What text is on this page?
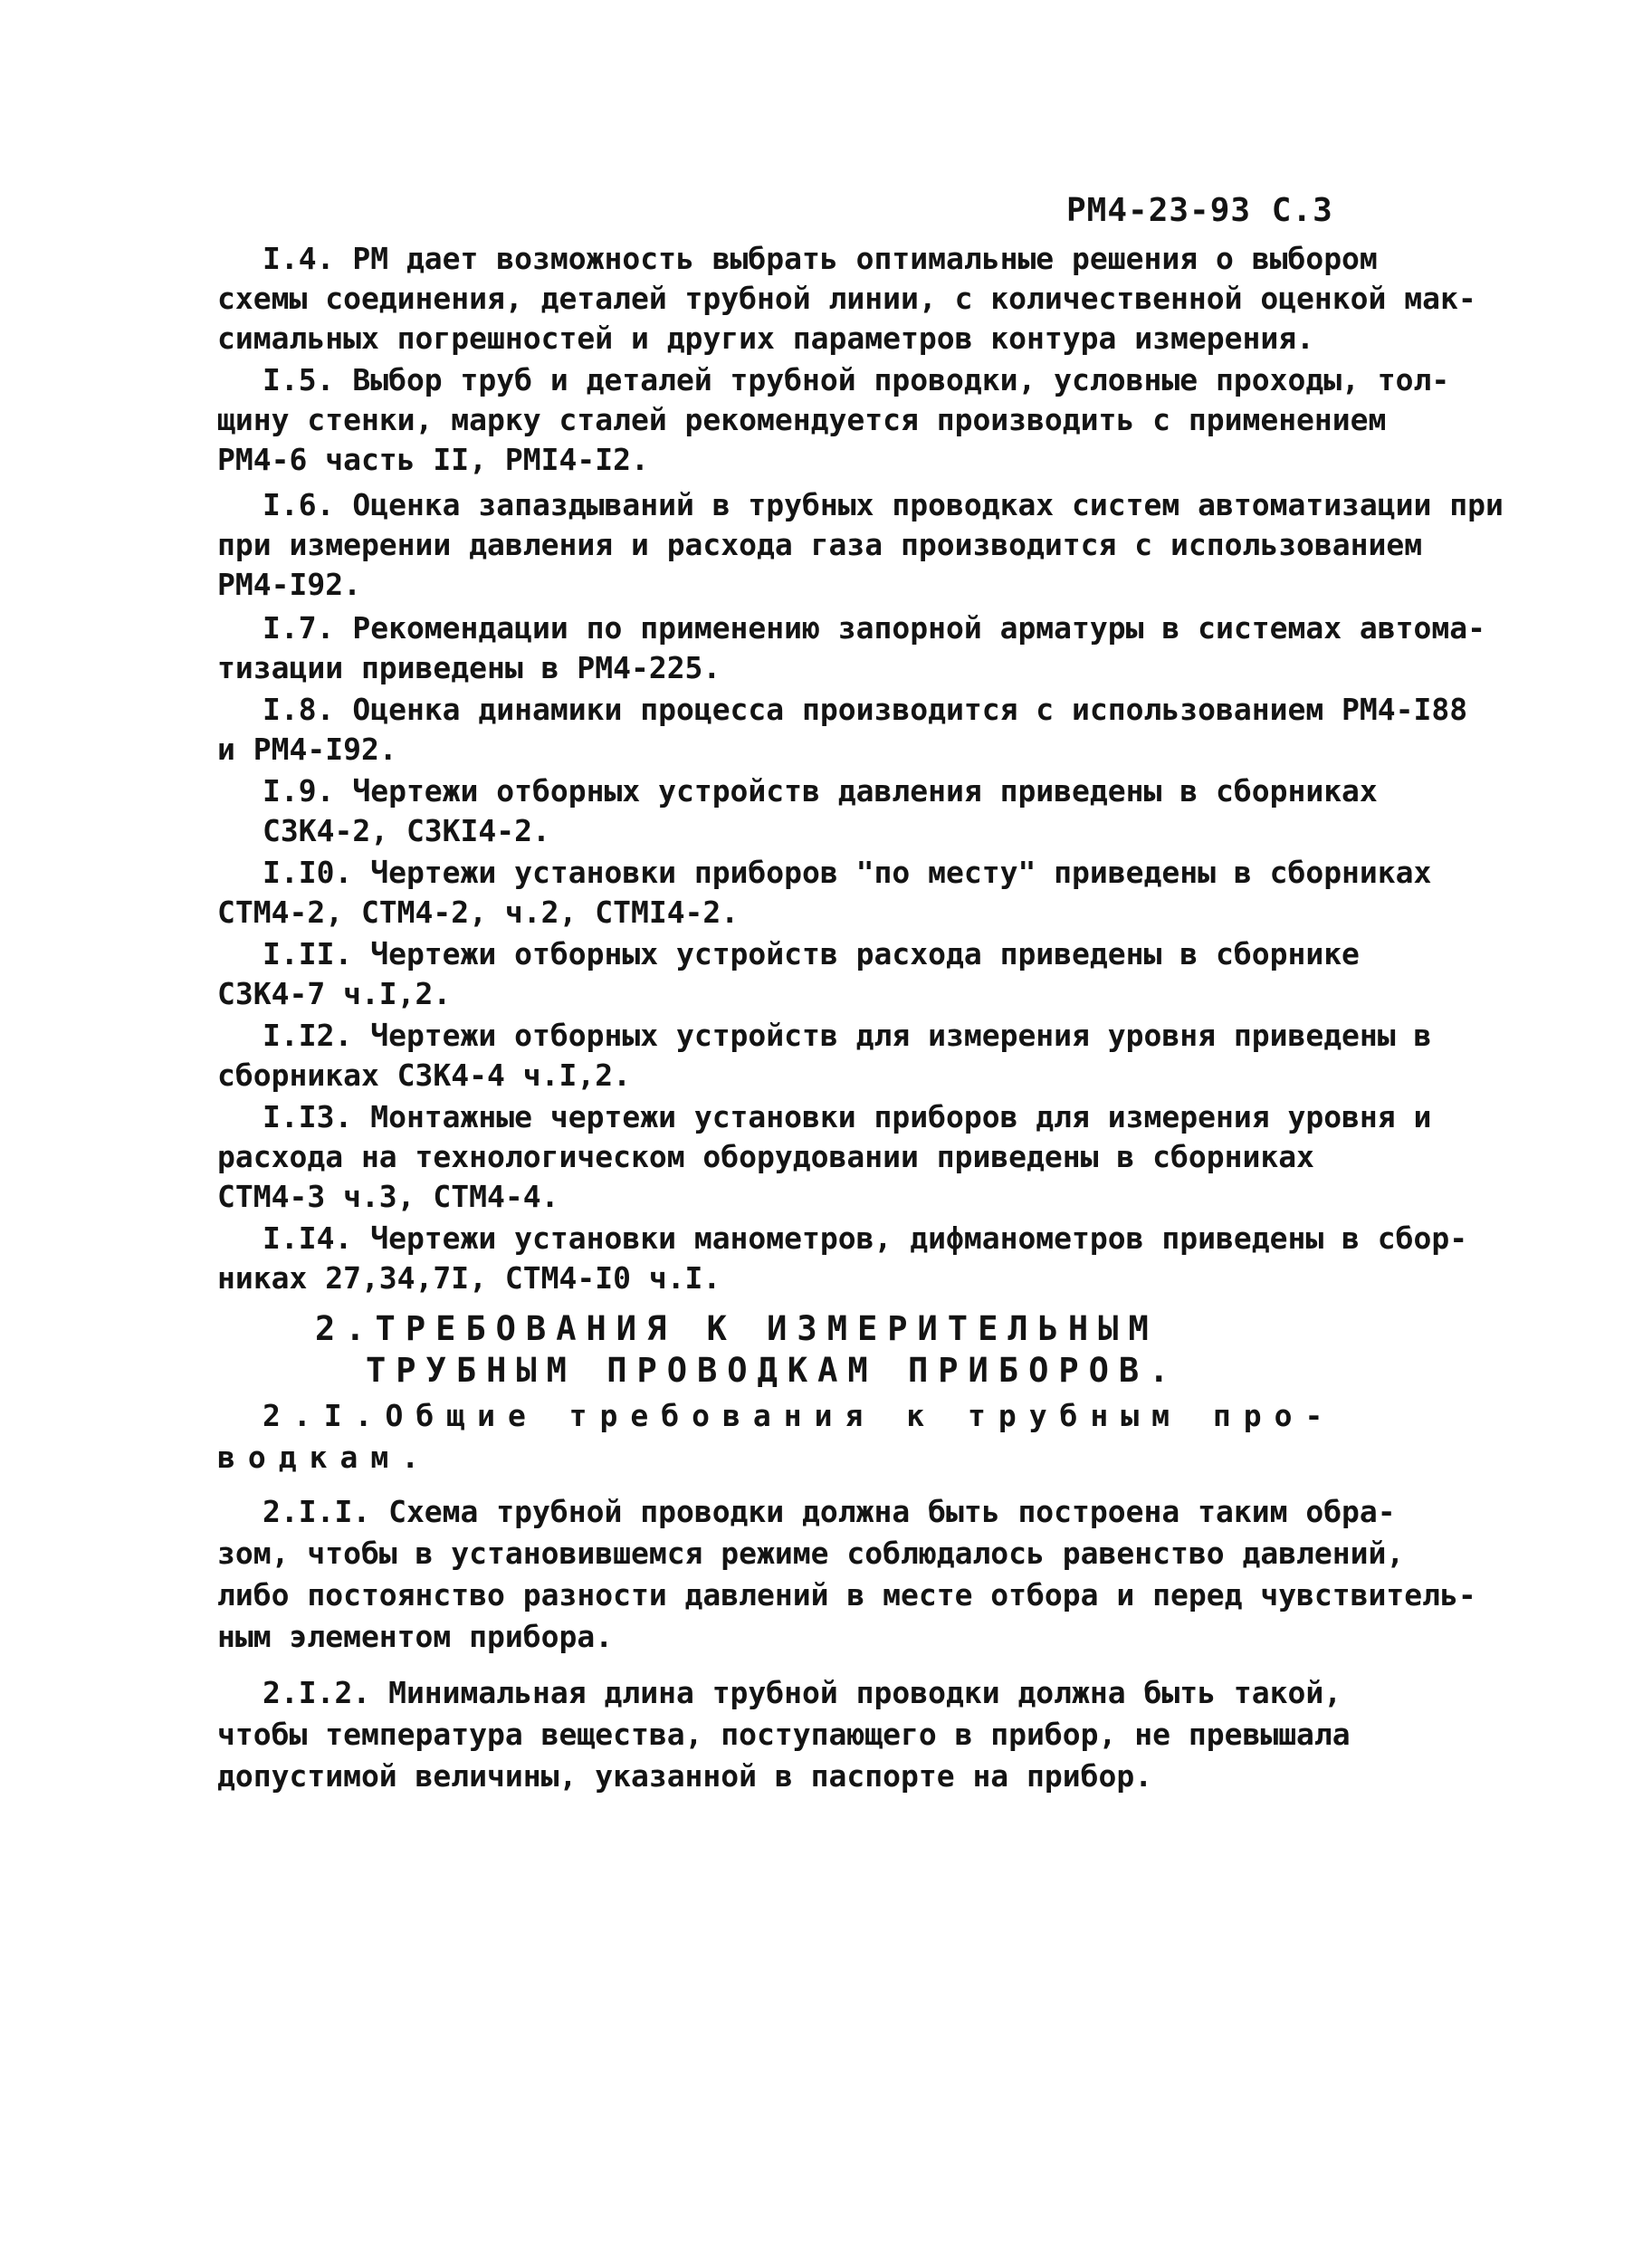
РМ4-23-93 С.3
I.4. РМ дает возможность выбрать оптимальные решения о выбором
схемы соединения, деталей трубной линии, с количественной оценкой мак-
симальных погрешностей и других параметров контура измерения.
I.5. Выбор труб и деталей трубной проводки, условные проходы, тол-
щину стенки, марку сталей рекомендуется производить с применением
РМ4-6 часть II, РМI4-I2.
I.6. Оценка запаздываний в трубных проводках систем автоматизации при
при измерении давления и расхода газа производится с использованием
РМ4-I92.
I.7. Рекомендации по применению запорной арматуры в системах автома-
тизации приведены в РМ4-225.
I.8. Оценка динамики процесса производится с использованием РМ4-I88
и РМ4-I92.
I.9. Чертежи отборных устройств давления приведены в сборниках
СЗК4-2, СЗКI4-2.
I.I0. Чертежи установки приборов "по месту" приведены в сборниках
СТМ4-2, СТМ4-2, ч.2, СТМI4-2.
I.II. Чертежи отборных устройств расхода приведены в сборнике
СЗК4-7 ч.I,2.
I.I2. Чертежи отборных устройств для измерения уровня приведены в
сборниках СЗК4-4 ч.I,2.
I.I3. Монтажные чертежи установки приборов для измерения уровня и
расхода на технологическом оборудовании приведены в сборниках
СТМ4-3 ч.3, СТМ4-4.
I.I4. Чертежи установки манометров, дифманометров приведены в сбор-
никах 27,34,7I, СТМ4-I0 ч.I.
2.ТРЕБОВАНИЯ К ИЗМЕРИТЕЛЬНЫМ
ТРУБНЫМ ПРОВОДКАМ ПРИБОРОВ.
2.I.Общие требования к трубным про-
водкам.
2.I.I. Схема трубной проводки должна быть построена таким обра-
зом, чтобы в установившемся режиме соблюдалось равенство давлений,
либо постоянство разности давлений в месте отбора и перед чувствитель-
ным элементом прибора.
2.I.2. Минимальная длина трубной проводки должна быть такой,
чтобы температура вещества, поступающего в прибор, не превышала
допустимой величины, указанной в паспорте на прибор.
